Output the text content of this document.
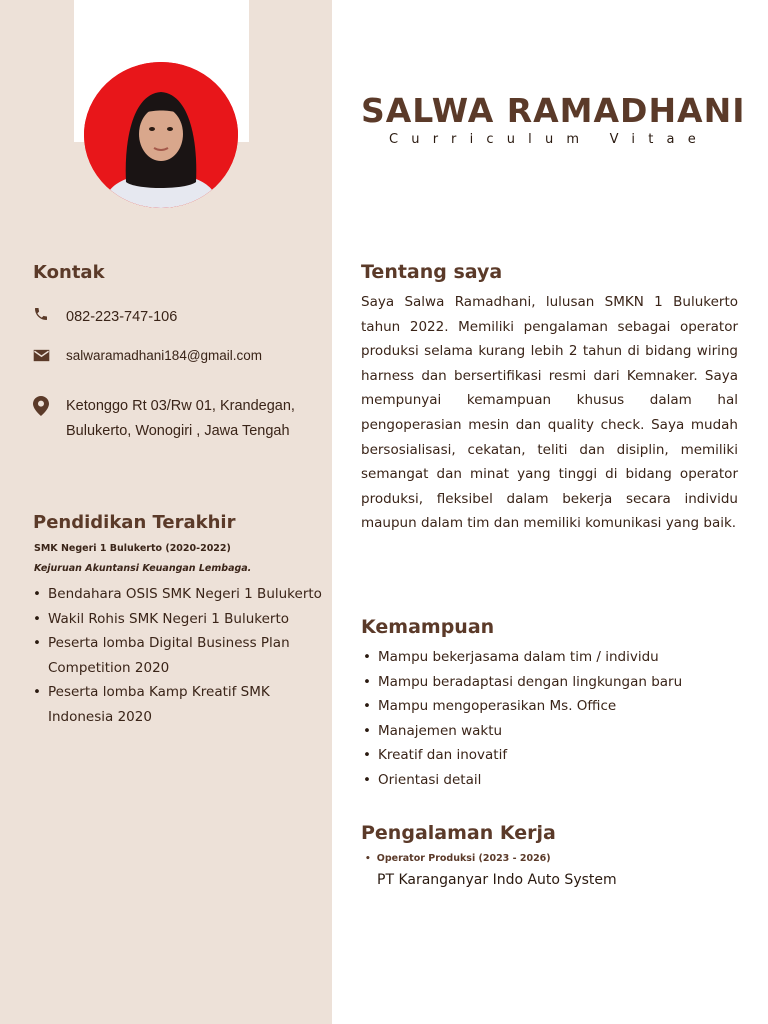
Kontak
082-223-747-106
salwaramadhani184@gmail.com
Ketonggo Rt 03/Rw 01, Krandegan,
Bulukerto, Wonogiri , Jawa Tengah
Pendidikan Terakhir
SMK Negeri 1 Bulukerto (2020-2022)
Kejuruan Akuntansi Keuangan Lembaga.
• Bendahara OSIS SMK Negeri 1 Bulukerto
• Wakil Rohis SMK Negeri 1 Bulukerto
• Peserta lomba Digital Business Plan Competition 2020
• Peserta lomba Kamp Kreatif SMK Indonesia 2020
SALWA RAMADHANI
Curriculum Vitae
Tentang saya
Saya Salwa Ramadhani, lulusan SMKN 1 Bulukerto tahun 2022. Memiliki pengalaman sebagai operator produksi selama kurang lebih 2 tahun di bidang wiring harness dan bersertifikasi resmi dari Kemnaker. Saya mempunyai kemampuan khusus dalam hal pengoperasian mesin dan quality check. Saya mudah bersosialisasi, cekatan, teliti dan disiplin, memiliki semangat dan minat yang tinggi di bidang operator produksi, fleksibel dalam bekerja secara individu maupun dalam tim dan memiliki komunikasi yang baik.
Kemampuan
• Mampu bekerjasama dalam tim / individu
• Mampu beradaptasi dengan lingkungan baru
• Mampu mengoperasikan Ms. Office
• Manajemen waktu
• Kreatif dan inovatif
• Orientasi detail
Pengalaman Kerja
• Operator Produksi (2023 - 2026)
PT Karanganyar Indo Auto System
